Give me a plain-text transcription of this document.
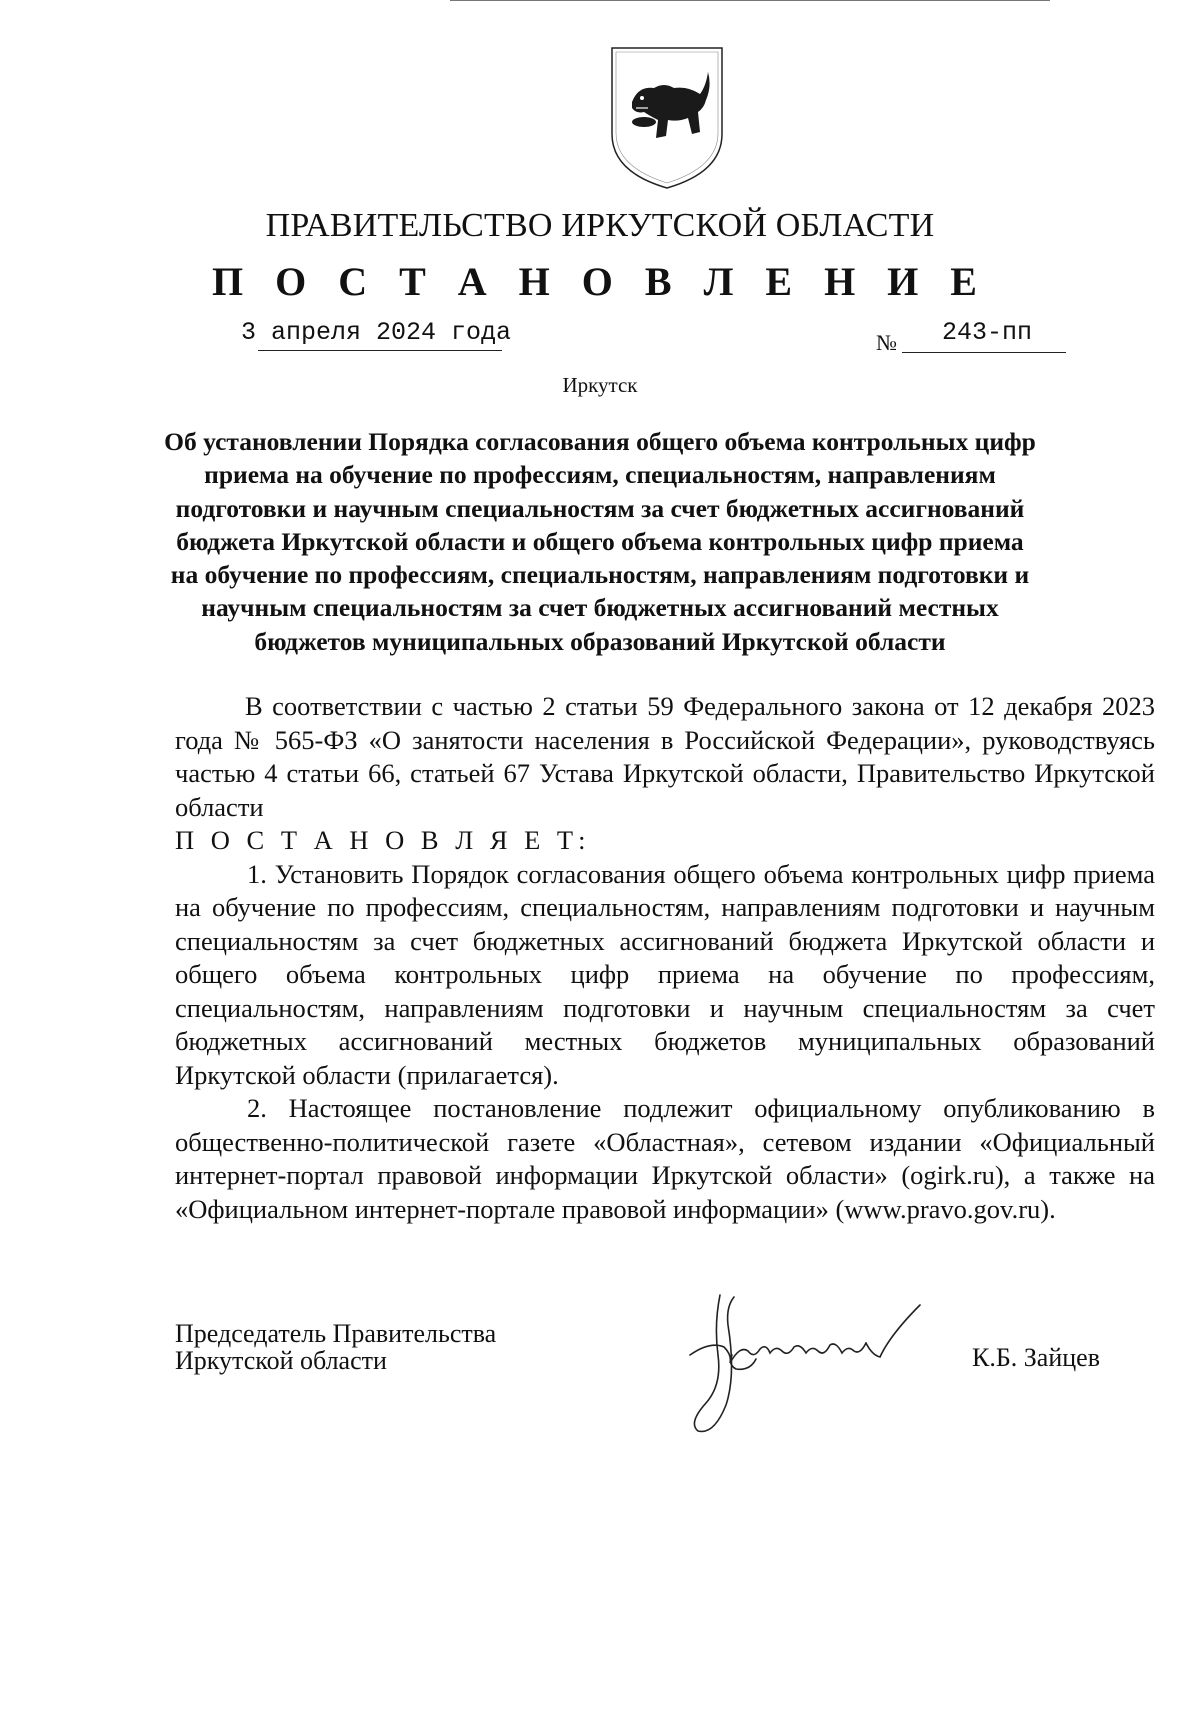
ПРАВИТЕЛЬСТВО ИРКУТСКОЙ ОБЛАСТИ
П О С Т А Н О В Л Е Н И Е
3 апреля 2024 года	№ 243-пп
Иркутск
Об установлении Порядка согласования общего объема контрольных цифр
приема на обучение по профессиям, специальностям, направлениям
подготовки и научным специальностям за счет бюджетных ассигнований
бюджета Иркутской области и общего объема контрольных цифр приема
на обучение по профессиям, специальностям, направлениям подготовки и
научным специальностям за счет бюджетных ассигнований местных
бюджетов муниципальных образований Иркутской области

В соответствии с частью 2 статьи 59 Федерального закона от 12 декабря 2023 года № 565-ФЗ «О занятости населения в Российской Федерации», руководствуясь частью 4 статьи 66, статьей 67 Устава Иркутской области, Правительство Иркутской области

П О С Т А Н О В Л Я Е Т:

1. Установить Порядок согласования общего объема контрольных цифр приема на обучение по профессиям, специальностям, направлениям подготовки и научным специальностям за счет бюджетных ассигнований бюджета Иркутской области и общего объема контрольных цифр приема на обучение по профессиям, специальностям, направлениям подготовки и научным специальностям за счет бюджетных ассигнований местных бюджетов муниципальных образований Иркутской области (прилагается).

2. Настоящее постановление подлежит официальному опубликованию в общественно-политической газете «Областная», сетевом издании «Официальный интернет-портал правовой информации Иркутской области» (ogirk.ru), а также на «Официальном интернет-портале правовой информации» (www.pravo.gov.ru).

Председатель Правительства
Иркутской области	К.Б. Зайцев
